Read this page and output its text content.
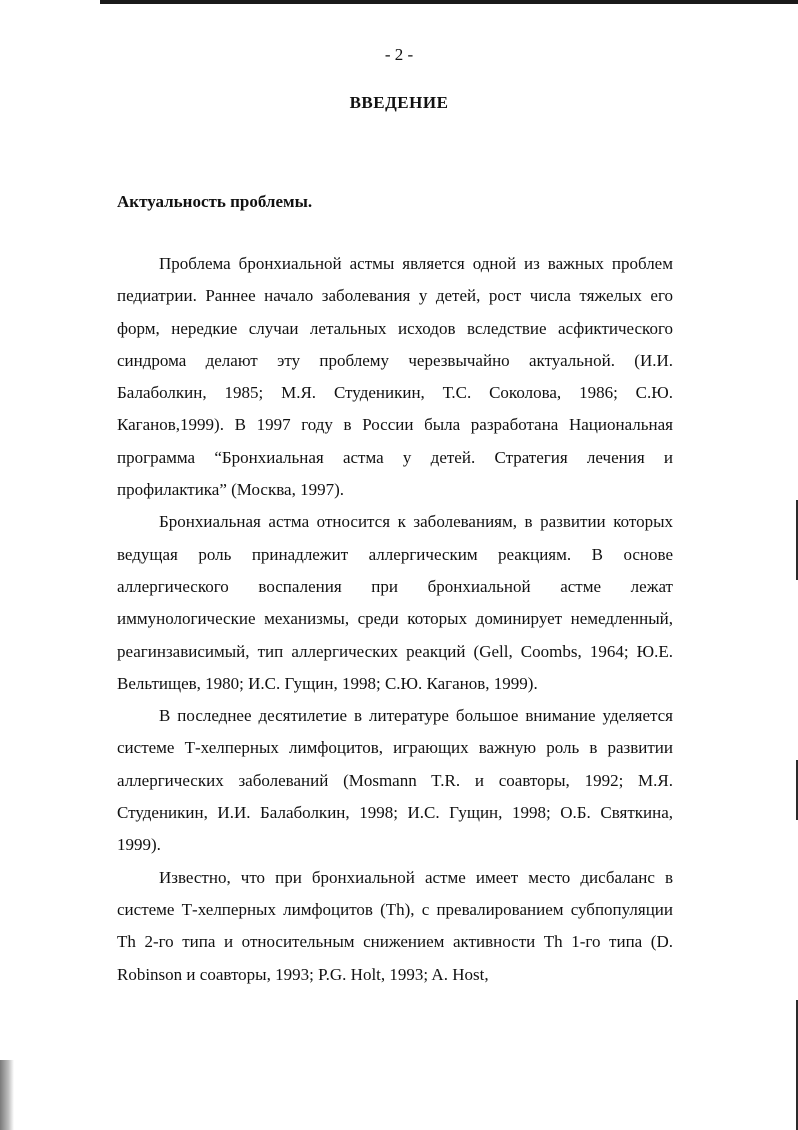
- 2 -
ВВЕДЕНИЕ
Актуальность проблемы.

Проблема бронхиальной астмы является одной из важных проблем педиатрии. Раннее начало заболевания у детей, рост числа тяжелых его форм, нередкие случаи летальных исходов вследствие асфиктического синдрома делают эту проблему черезвычайно актуальной. (И.И. Балаболкин, 1985; М.Я. Студеникин, Т.С. Соколова, 1986; С.Ю. Каганов,1999). В 1997 году в России была разработана Национальная программа “Бронхиальная астма у детей. Стратегия лечения и профилактика” (Москва, 1997).

Бронхиальная астма относится к заболеваниям, в развитии которых ведущая роль принадлежит аллергическим реакциям. В основе аллергического воспаления при бронхиальной астме лежат иммунологические механизмы, среди которых доминирует немедленный, реагинзависимый, тип аллергических реакций (Gell, Coombs, 1964; Ю.Е. Вельтищев, 1980; И.С. Гущин, 1998; С.Ю. Каганов, 1999).

В последнее десятилетие в литературе большое внимание уделяется системе Т-хелперных лимфоцитов, играющих важную роль в развитии аллергических заболеваний (Mosmann T.R. и соавторы, 1992; М.Я. Студеникин, И.И. Балаболкин, 1998; И.С. Гущин, 1998; О.Б. Святкина, 1999).

Известно, что при бронхиальной астме имеет место дисбаланс в системе Т-хелперных лимфоцитов (Th), с превалированием субпопуляции Th 2-го типа и относительным снижением активности Th 1-го типа (D. Robinson и соавторы, 1993; P.G. Holt, 1993; A. Host,
